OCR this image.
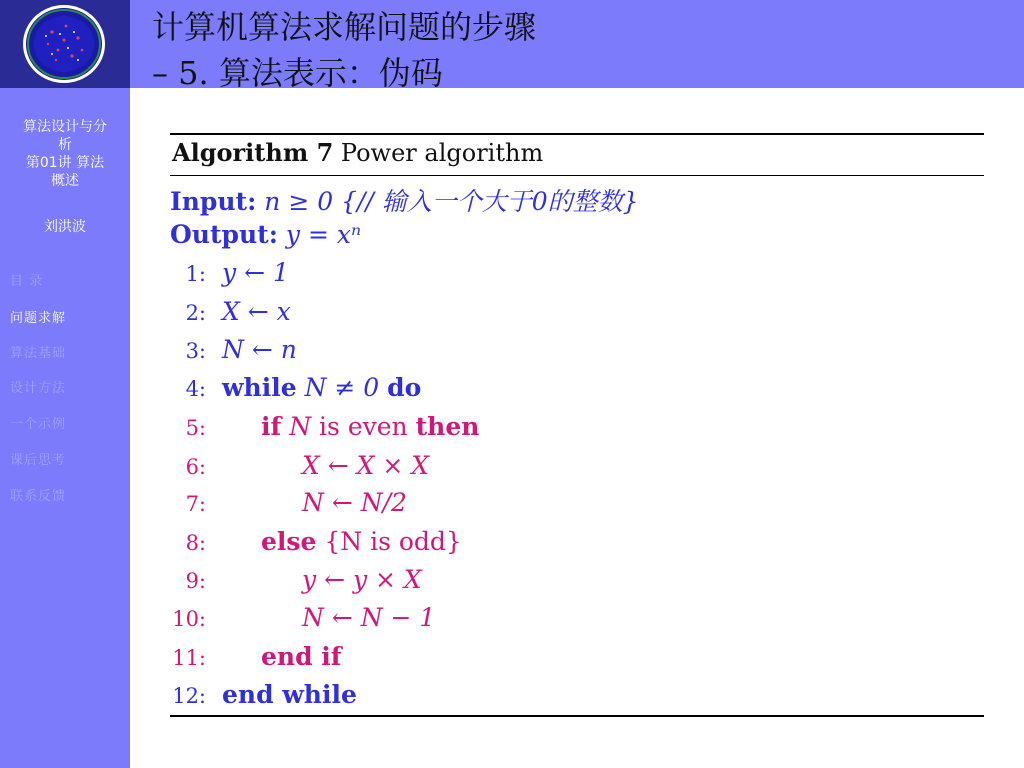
算法设计与分
析
第01讲 算法
概述
刘洪波
目 录
问题求解
算法基础
设计方法
一个示例
课后思考
联系反馈
计算机算法求解问题的步骤
– 5. 算法表示：伪码
Algorithm 7 Power algorithm
Input: n ≥ 0 {// 输入一个大于0的整数}
Output: y = xⁿ
1: y ← 1
2: X ← x
3: N ← n
4: while N ≠ 0 do
5: if N is even then
6:	X ← X × X
7:	N ← N/2
8: else {N is odd}
9:	y ← y × X
10:	N ← N − 1
11: end if
12: end while
